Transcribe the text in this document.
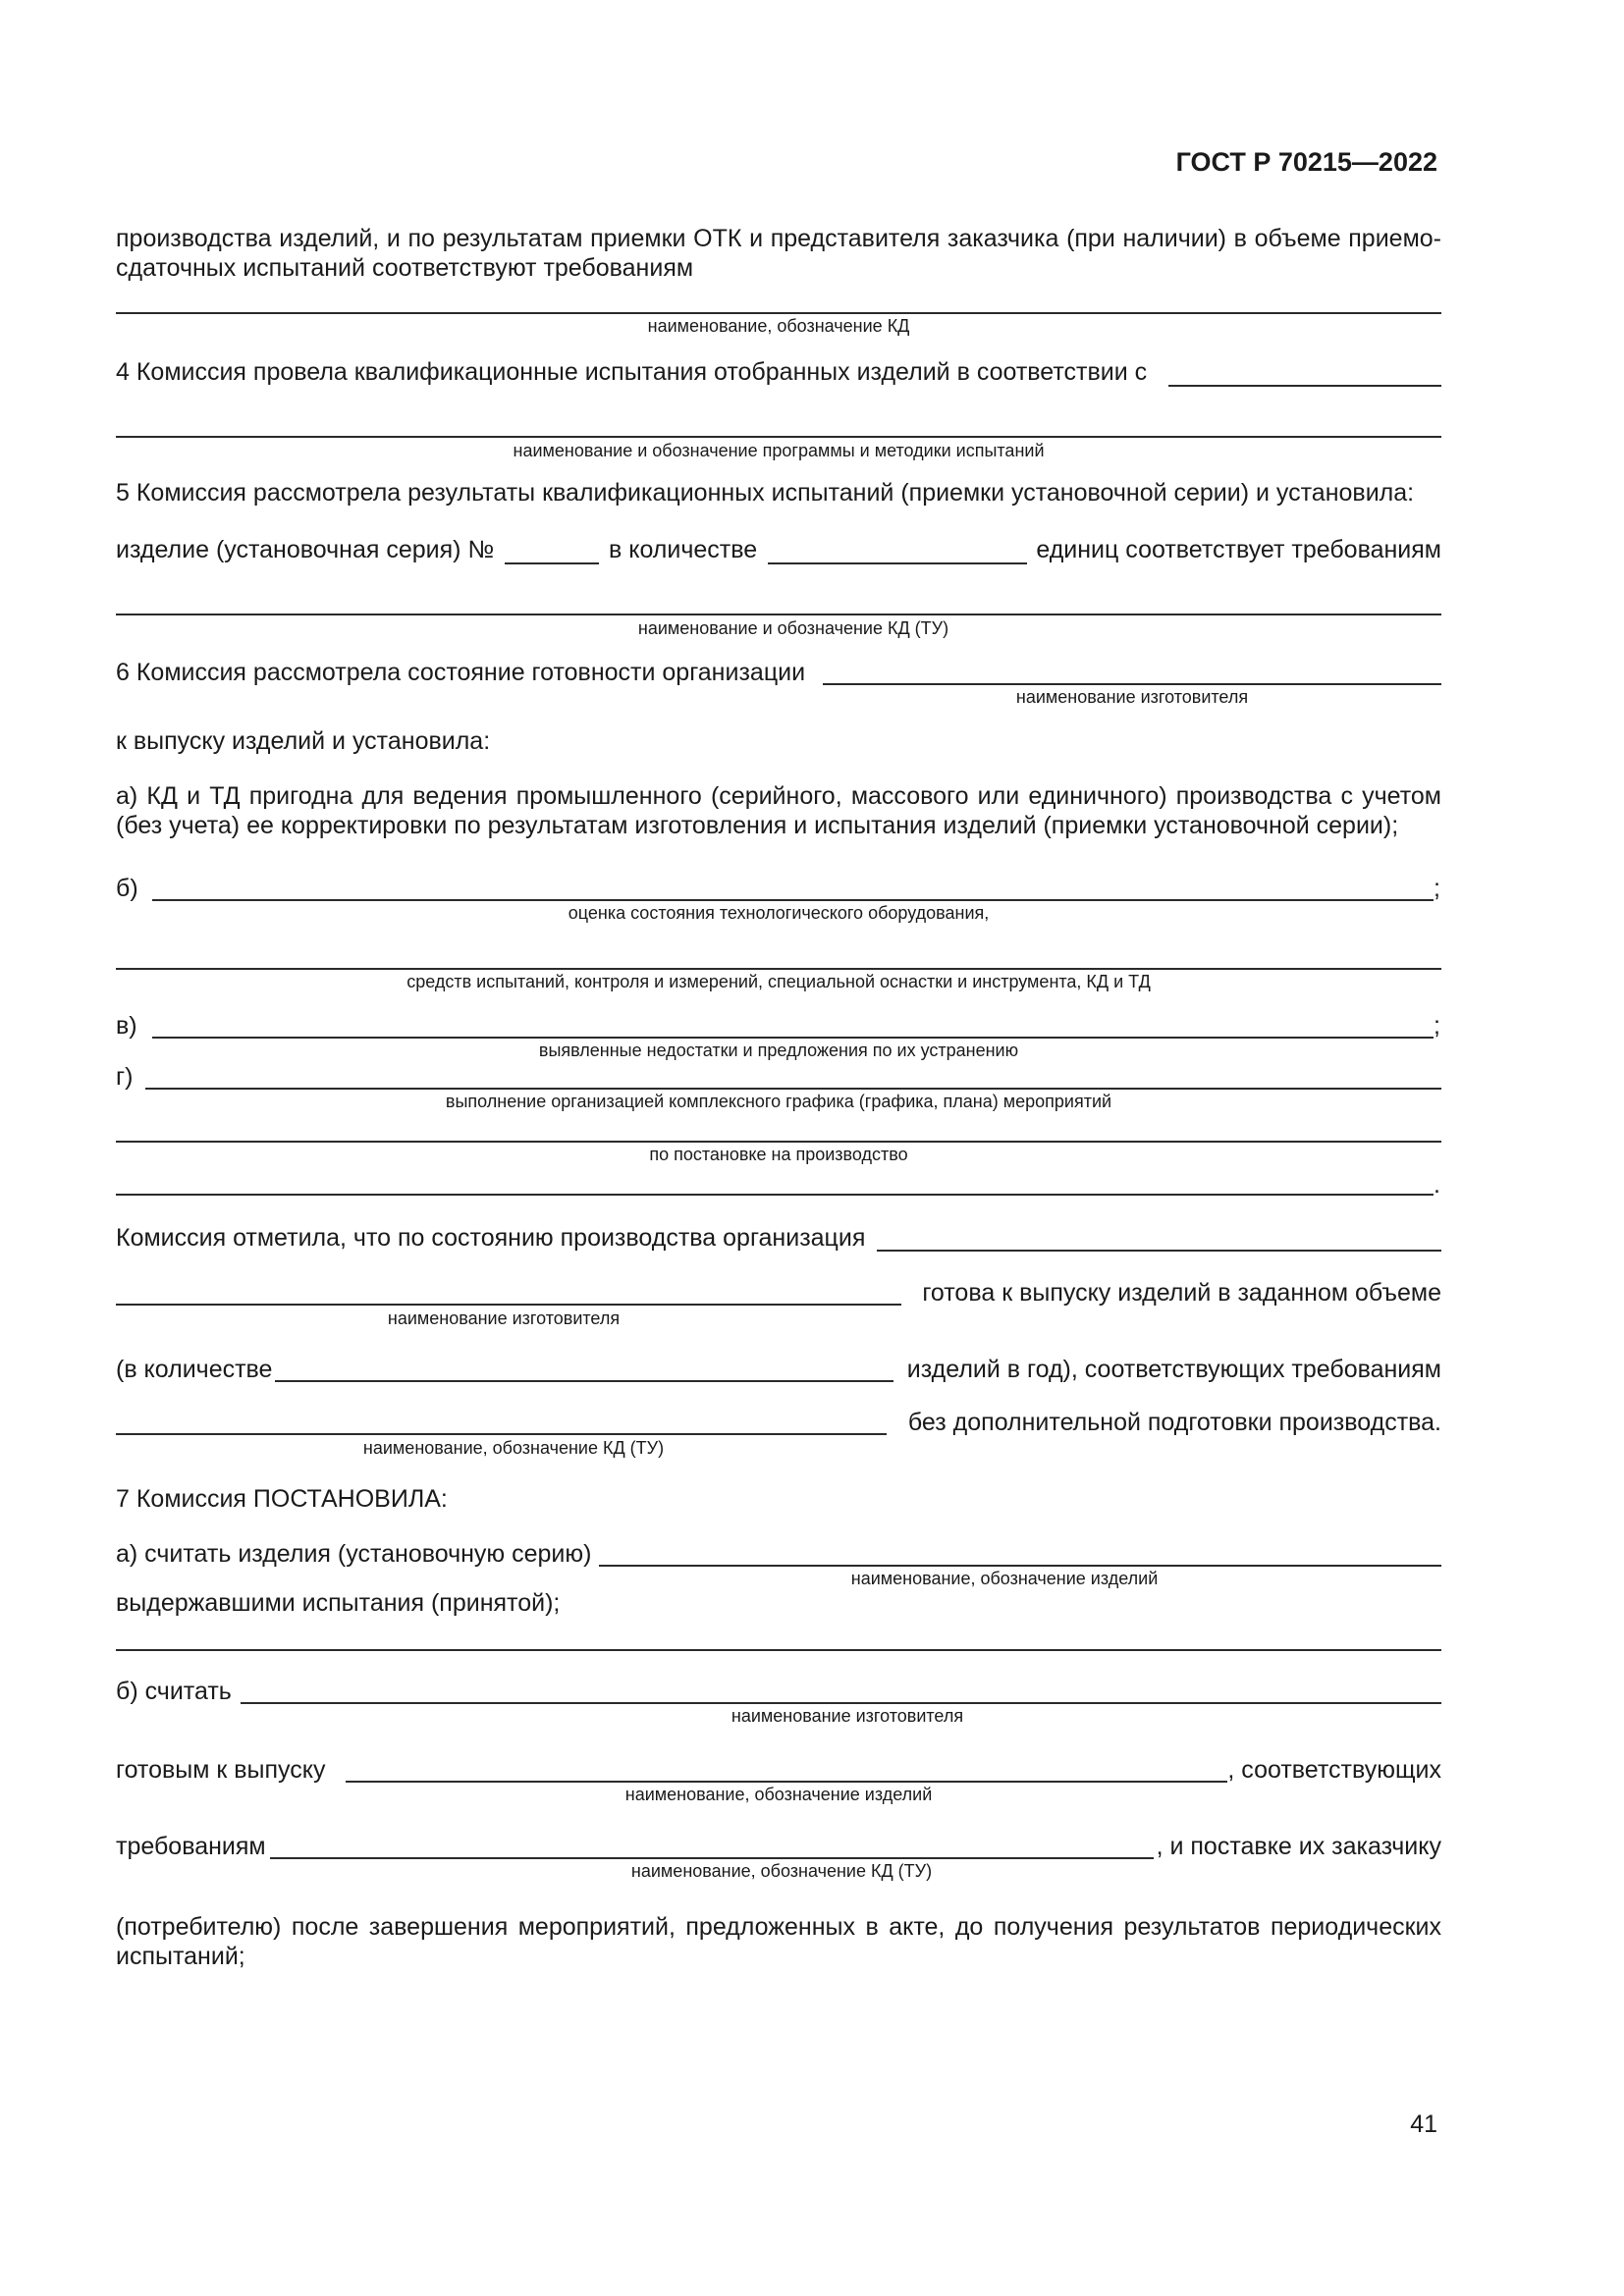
ГОСТ Р 70215—2022
производства изделий, и по результатам приемки ОТК и представителя заказчика (при наличии) в объеме приемо-сдаточных испытаний соответствуют требованиям
наименование, обозначение КД
4 Комиссия провела квалификационные испытания отобранных изделий в соответствии с
наименование и обозначение программы и методики испытаний
5 Комиссия рассмотрела результаты квалификационных испытаний (приемки установочной серии) и установила:
изделие (установочная серия) №	в количестве	единиц соответствует требованиям
наименование и обозначение КД (ТУ)
6 Комиссия рассмотрела состояние готовности организации
наименование изготовителя
к выпуску изделий и установила:
а) КД и ТД пригодна для ведения промышленного (серийного, массового или единичного) производства с учетом (без учета) ее корректировки по результатам изготовления и испытания изделий (приемки установочной серии);
б)	;
оценка состояния технологического оборудования,
средств испытаний, контроля и измерений, специальной оснастки и инструмента, КД и ТД
в)	;
выявленные недостатки и предложения по их устранению
г)
выполнение организацией комплексного графика (графика, плана) мероприятий
по постановке на производство
.
Комиссия отметила, что по состоянию производства организация
готова к выпуску изделий в заданном объеме
наименование изготовителя
(в количестве	изделий в год), соответствующих требованиям
без дополнительной подготовки производства.
наименование, обозначение КД (ТУ)
7 Комиссия ПОСТАНОВИЛА:
а) считать изделия (установочную серию)
наименование, обозначение изделий
выдержавшими испытания (принятой);
б) считать
наименование изготовителя
готовым к выпуску	, соответствующих
наименование, обозначение изделий
требованиям	, и поставке их заказчику
наименование, обозначение КД (ТУ)
(потребителю) после завершения мероприятий, предложенных в акте, до получения результатов периодических испытаний;
41
